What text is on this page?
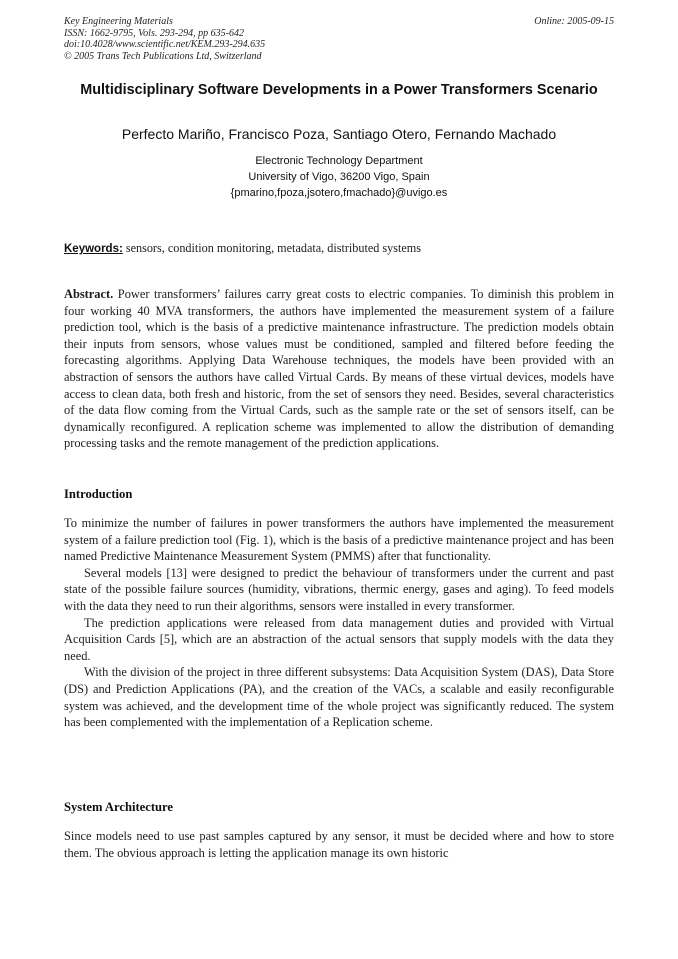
Key Engineering Materials
ISSN: 1662-9795, Vols. 293-294, pp 635-642
doi:10.4028/www.scientific.net/KEM.293-294.635
© 2005 Trans Tech Publications Ltd, Switzerland
Online: 2005-09-15
Multidisciplinary Software Developments in a Power Transformers Scenario
Perfecto Mariño, Francisco Poza, Santiago Otero, Fernando Machado
Electronic Technology Department
University of Vigo, 36200 Vigo, Spain
{pmarino,fpoza,jsotero,fmachado}@uvigo.es
Keywords: sensors, condition monitoring, metadata, distributed systems

Abstract. Power transformers’ failures carry great costs to electric companies. To diminish this problem in four working 40 MVA transformers, the authors have implemented the measurement system of a failure prediction tool, which is the basis of a predictive maintenance infrastructure. The prediction models obtain their inputs from sensors, whose values must be conditioned, sampled and filtered before feeding the forecasting algorithms. Applying Data Warehouse techniques, the models have been provided with an abstraction of sensors the authors have called Virtual Cards. By means of these virtual devices, models have access to clean data, both fresh and historic, from the set of sensors they need. Besides, several characteristics of the data flow coming from the Virtual Cards, such as the sample rate or the set of sensors itself, can be dynamically reconfigured. A replication scheme was implemented to allow the distribution of demanding processing tasks and the remote management of the prediction applications.

Introduction

To minimize the number of failures in power transformers the authors have implemented the measurement system of a failure prediction tool (Fig. 1), which is the basis of a predictive maintenance project and has been named Predictive Maintenance Measurement System (PMMS) after that functionality.

Several models [13] were designed to predict the behaviour of transformers under the current and past state of the possible failure sources (humidity, vibrations, thermic energy, gases and aging). To feed models with the data they need to run their algorithms, sensors were installed in every transformer.

The prediction applications were released from data management duties and provided with Virtual Acquisition Cards [5], which are an abstraction of the actual sensors that supply models with the data they need.

With the division of the project in three different subsystems: Data Acquisition System (DAS), Data Store (DS) and Prediction Applications (PA), and the creation of the VACs, a scalable and easily reconfigurable system was achieved, and the development time of the whole project was significantly reduced. The system has been complemented with the implementation of a Replication scheme.

System Architecture

Since models need to use past samples captured by any sensor, it must be decided where and how to store them. The obvious approach is letting the application manage its own historic
